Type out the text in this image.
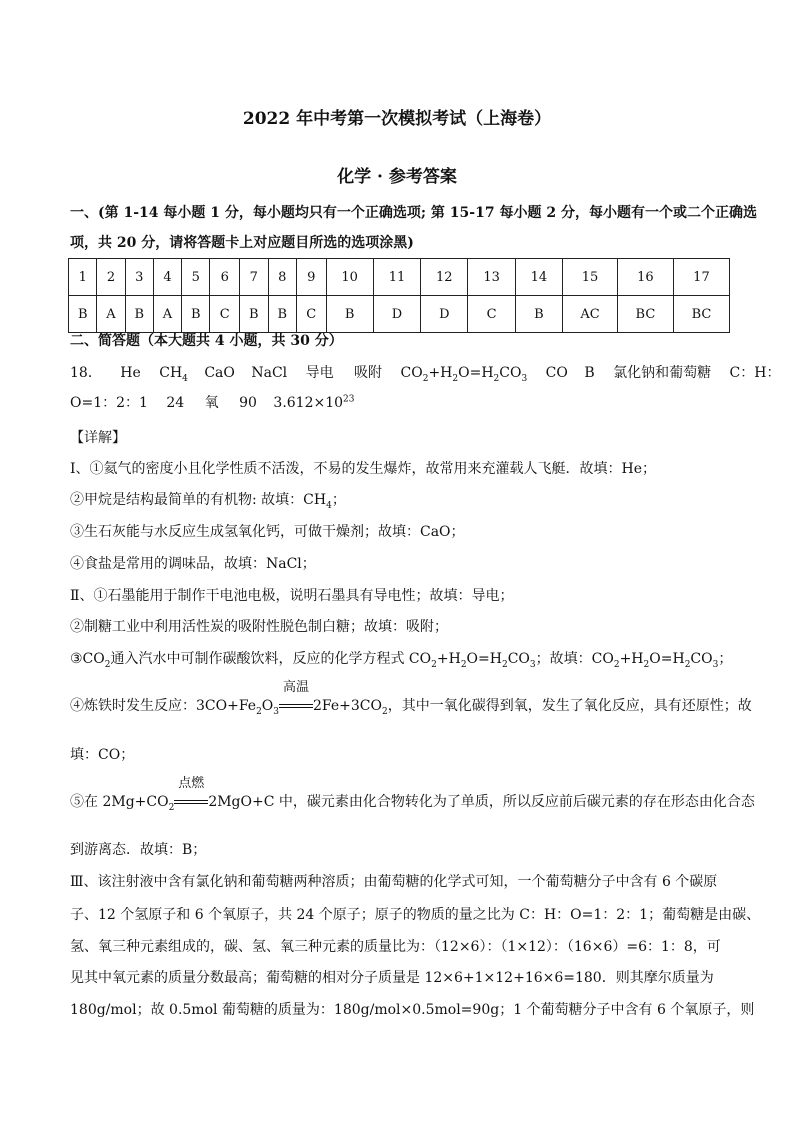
2022 年中考第一次模拟考试（上海卷）
化学 · 参考答案
一、(第 1-14 每小题 1 分，每小题均只有一个正确选项; 第 15-17 每小题 2 分，每小题有一个或二个正确选
项，共 20 分，请将答题卡上对应题目所选的选项涂黑)
1	2	3	4	5	6	7	8	9	10	11	12	13	14	15	16	17
B	A	B	A	B	C	B	B	C	B	D	D	C	B	AC	BC	BC
二、简答题（本大题共 4 小题，共 30 分）
18． He $CH_4$ CaO NaCl 导电 吸附 $CO_2+H_2O=H_2CO_3$ CO B 氯化钠和葡萄糖 C：H：
O=1：2：1 24 氧 90 $3.612\times 10^{23}$
【详解】
Ⅰ、①氦气的密度小且化学性质不活泼，不易的发生爆炸，故常用来充灌载人飞艇．故填：He；
②甲烷是结构最简单的有机物: 故填：$CH_4$；
③生石灰能与水反应生成氢氧化钙，可做干燥剂；故填：CaO；
④食盐是常用的调味品，故填：NaCl；
Ⅱ、①石墨能用于制作干电池电极，说明石墨具有导电性；故填：导电；
②制糖工业中利用活性炭的吸附性脱色制白糖；故填：吸附；
$③CO_2$通入汽水中可制作碳酸饮料，反应的化学方程式 $CO_2+H_2O=H_2CO_3$；故填：$CO_2+H_2O=H_2CO_3$；
④炼铁时发生反应：$3CO+Fe_2O_3$
高温
$2Fe+3CO_2$，其中一氧化碳得到氧，发生了氧化反应，具有还原性；故
填：CO；
⑤在 $2Mg+CO_2$
点燃
2MgO+C 中，碳元素由化合物转化为了单质，所以反应前后碳元素的存在形态由化合态
到游离态．故填：B；
Ⅲ、该注射液中含有氯化钠和葡萄糖两种溶质；由葡萄糖的化学式可知，一个葡萄糖分子中含有 6 个碳原
子、12 个氢原子和 6 个氧原子，共 24 个原子；原子的物质的量之比为 C：H：O=1：2：1；葡萄糖是由碳、
氢、氧三种元素组成的，碳、氢、氧三种元素的质量比为：（12×6）：（1×12）：（16×6）=6：1：8，可
见其中氧元素的质量分数最高；葡萄糖的相对分子质量是 12×6+1×12+16×6=180．则其摩尔质量为
180g/mol；故 0.5mol 葡萄糖的质量为：180g/mol×0.5mol=90g；1 个葡萄糖分子中含有 6 个氧原子，则
